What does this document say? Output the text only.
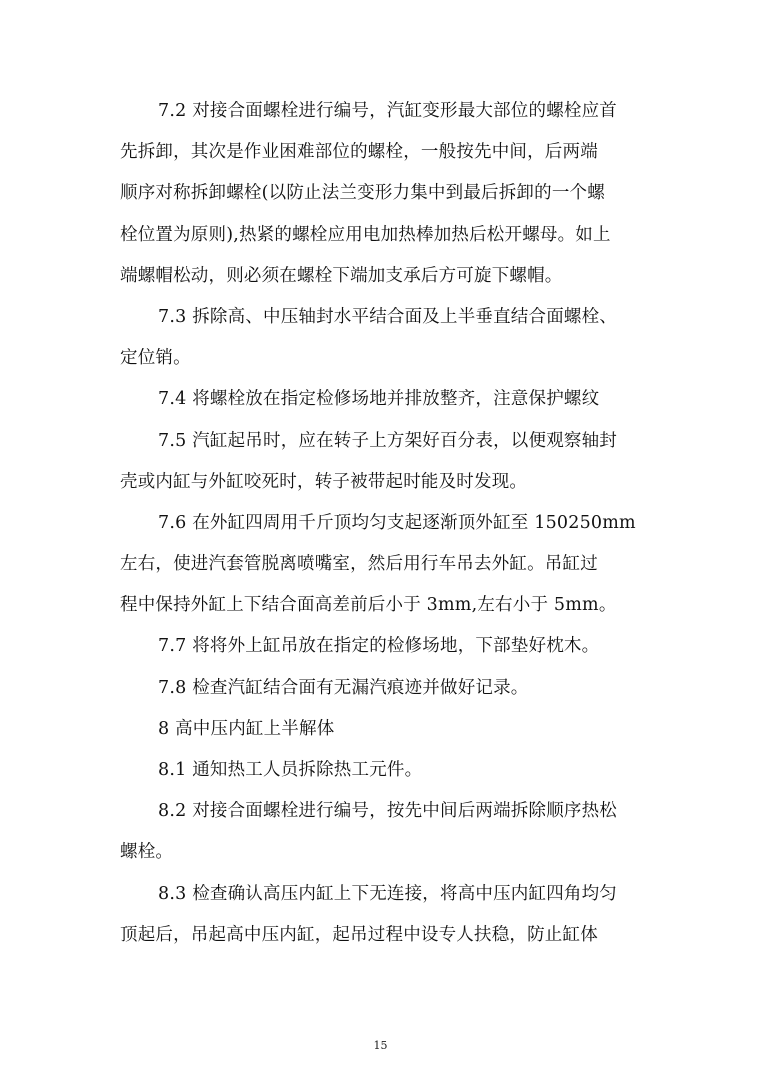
7.2 对接合面螺栓进行编号，汽缸变形最大部位的螺栓应首
先拆卸，其次是作业困难部位的螺栓，一般按先中间，后两端
顺序对称拆卸螺栓(以防止法兰变形力集中到最后拆卸的一个螺
栓位置为原则),热紧的螺栓应用电加热棒加热后松开螺母。如上
端螺帽松动，则必须在螺栓下端加支承后方可旋下螺帽。
7.3 拆除高、中压轴封水平结合面及上半垂直结合面螺栓、
定位销。
7.4 将螺栓放在指定检修场地并排放整齐，注意保护螺纹
7.5 汽缸起吊时，应在转子上方架好百分表，以便观察轴封
壳或内缸与外缸咬死时，转子被带起时能及时发现。
7.6 在外缸四周用千斤顶均匀支起逐渐顶外缸至 150250mm
左右，使进汽套管脱离喷嘴室，然后用行车吊去外缸。吊缸过
程中保持外缸上下结合面高差前后小于 3mm,左右小于 5mm。
7.7 将将外上缸吊放在指定的检修场地，下部垫好枕木。
7.8 检查汽缸结合面有无漏汽痕迹并做好记录。
8 高中压内缸上半解体
8.1 通知热工人员拆除热工元件。
8.2 对接合面螺栓进行编号，按先中间后两端拆除顺序热松
螺栓。
8.3 检查确认高压内缸上下无连接，将高中压内缸四角均匀
顶起后，吊起高中压内缸，起吊过程中设专人扶稳，防止缸体
15
